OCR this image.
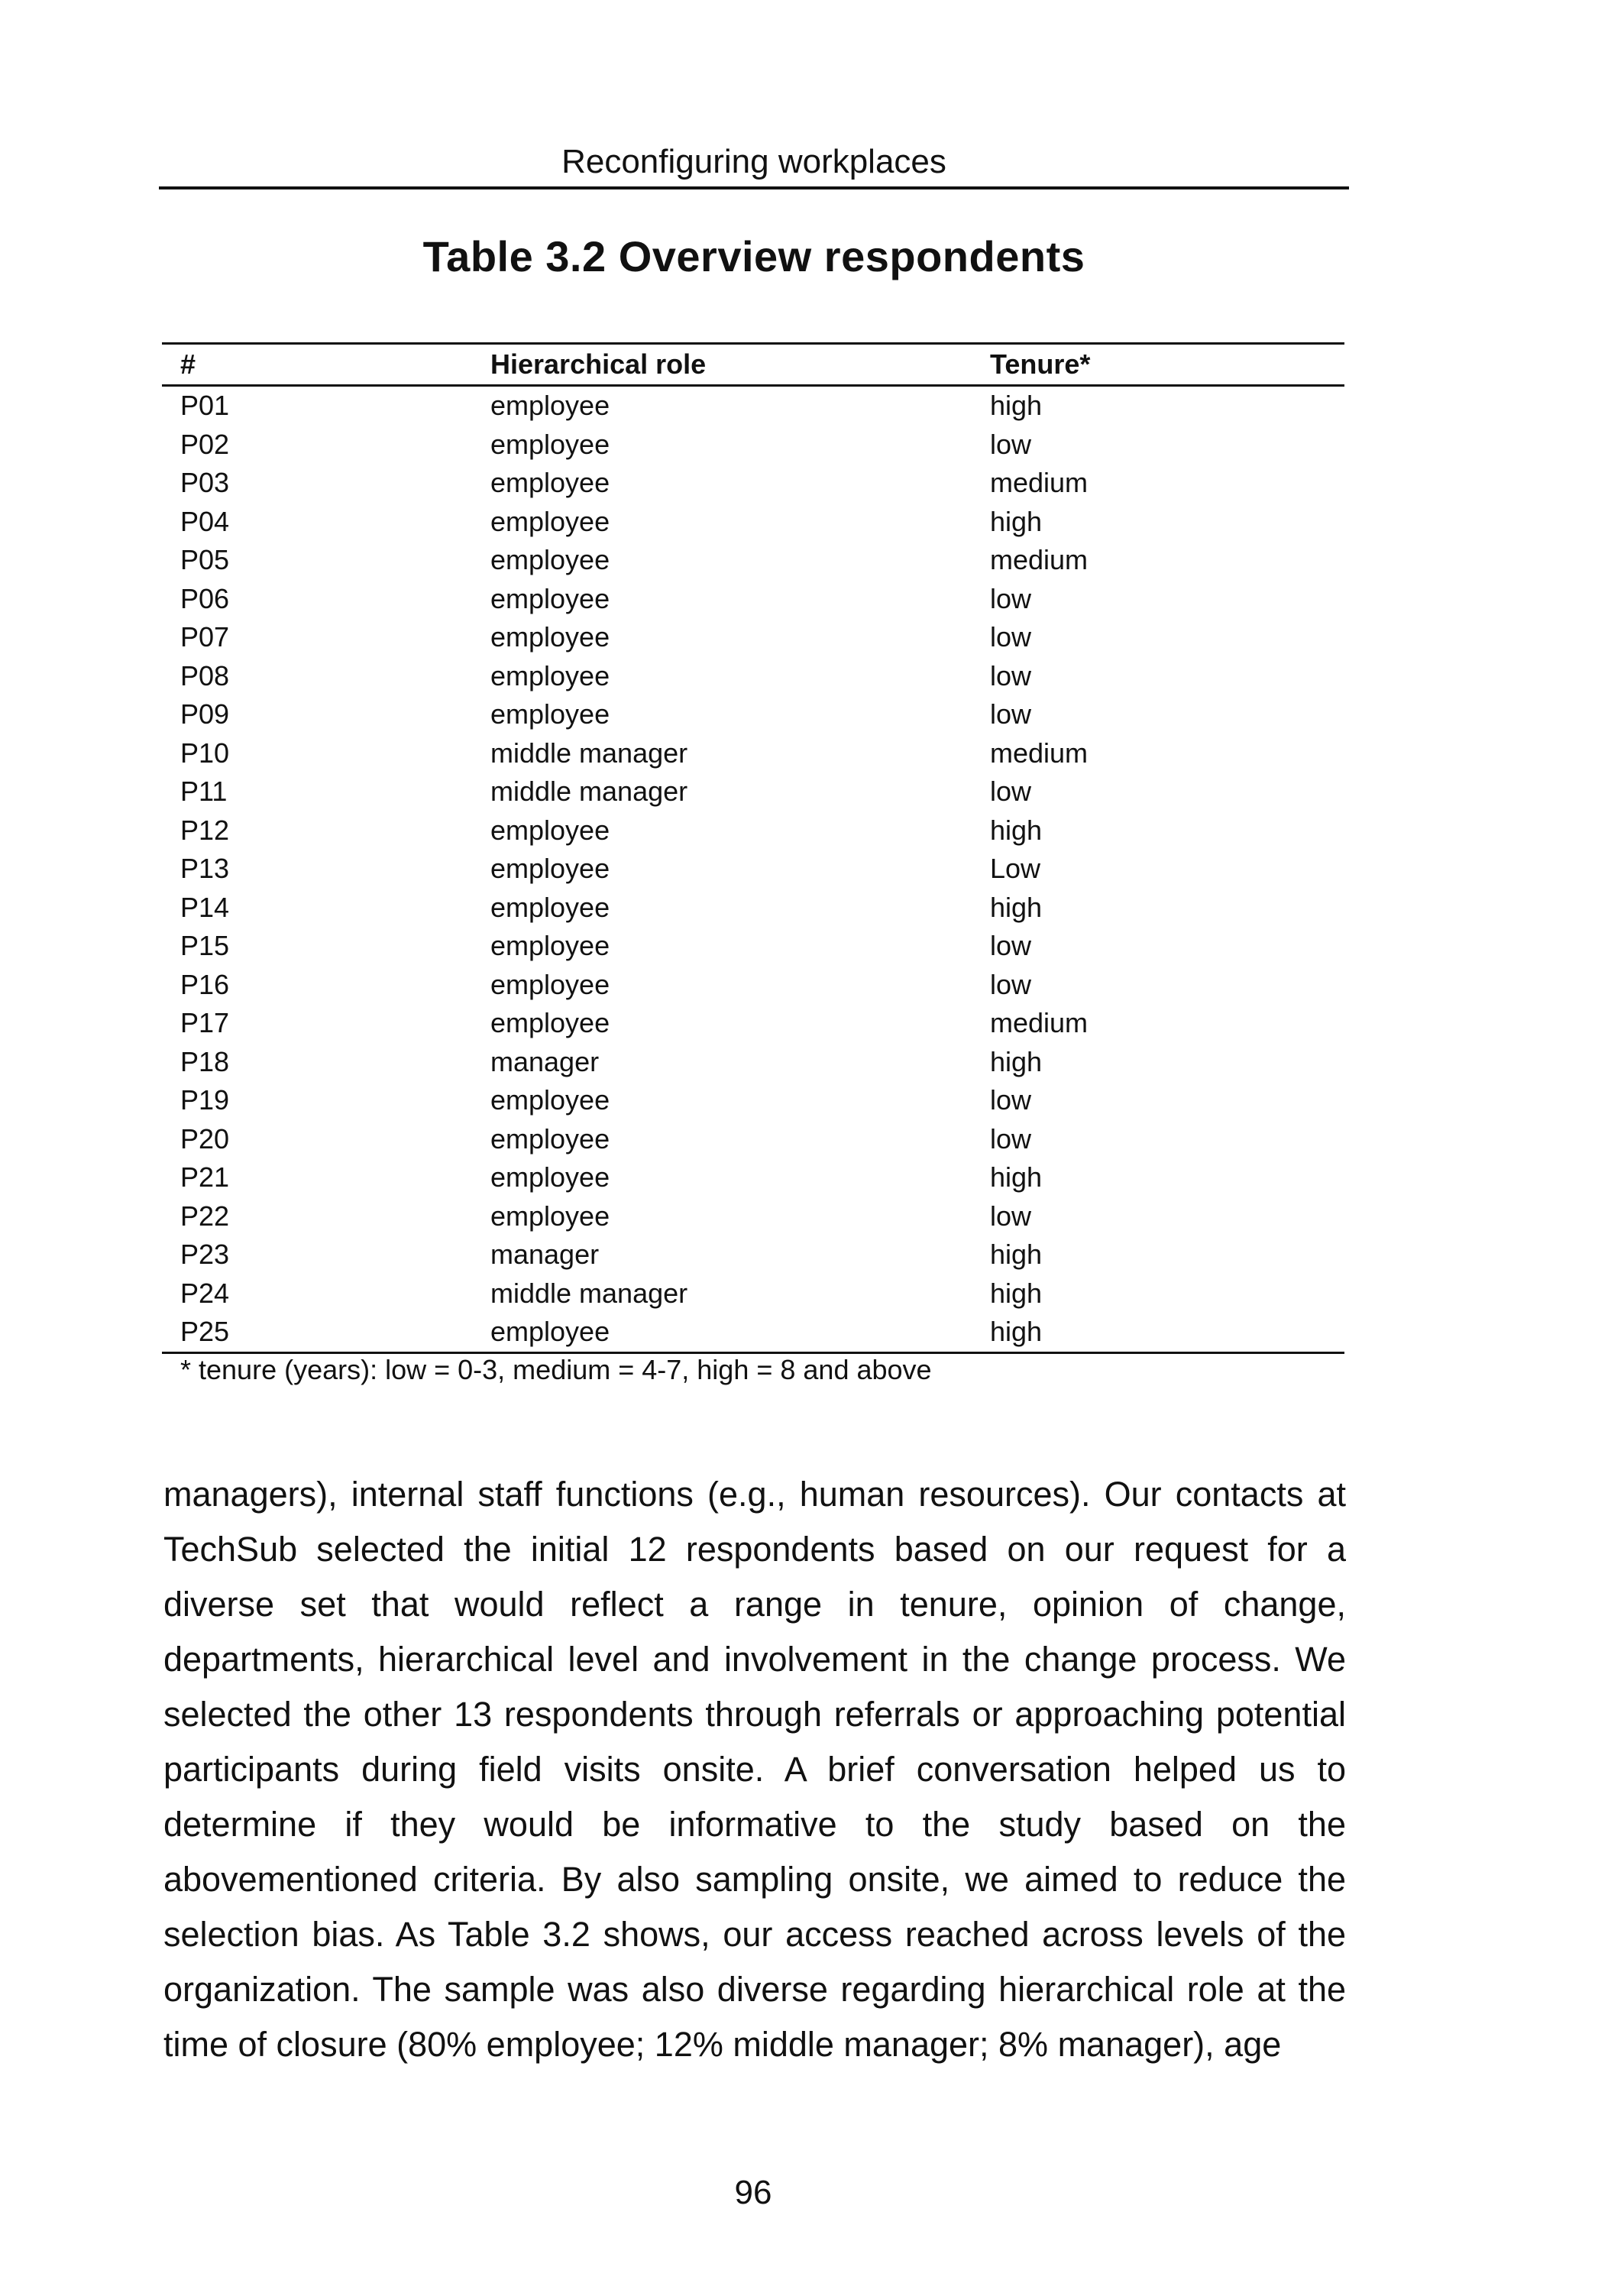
Reconfiguring workplaces
Table 3.2 Overview respondents
#	Hierarchical role	Tenure*
P01	employee	high
P02	employee	low
P03	employee	medium
P04	employee	high
P05	employee	medium
P06	employee	low
P07	employee	low
P08	employee	low
P09	employee	low
P10	middle manager	medium
P11	middle manager	low
P12	employee	high
P13	employee	Low
P14	employee	high
P15	employee	low
P16	employee	low
P17	employee	medium
P18	manager	high
P19	employee	low
P20	employee	low
P21	employee	high
P22	employee	low
P23	manager	high
P24	middle manager	high
P25	employee	high
* tenure (years): low = 0-3, medium = 4-7, high = 8 and above

managers), internal staff functions (e.g., human resources). Our contacts at TechSub selected the initial 12 respondents based on our request for a diverse set that would reflect a range in tenure, opinion of change, departments, hierarchical level and involvement in the change process. We selected the other 13 respondents through referrals or approaching potential participants during field visits onsite. A brief conversation helped us to determine if they would be informative to the study based on the abovementioned criteria. By also sampling onsite, we aimed to reduce the selection bias. As Table 3.2 shows, our access reached across levels of the organization. The sample was also diverse regarding hierarchical role at the time of closure (80% employee; 12% middle manager; 8% manager), age

96
